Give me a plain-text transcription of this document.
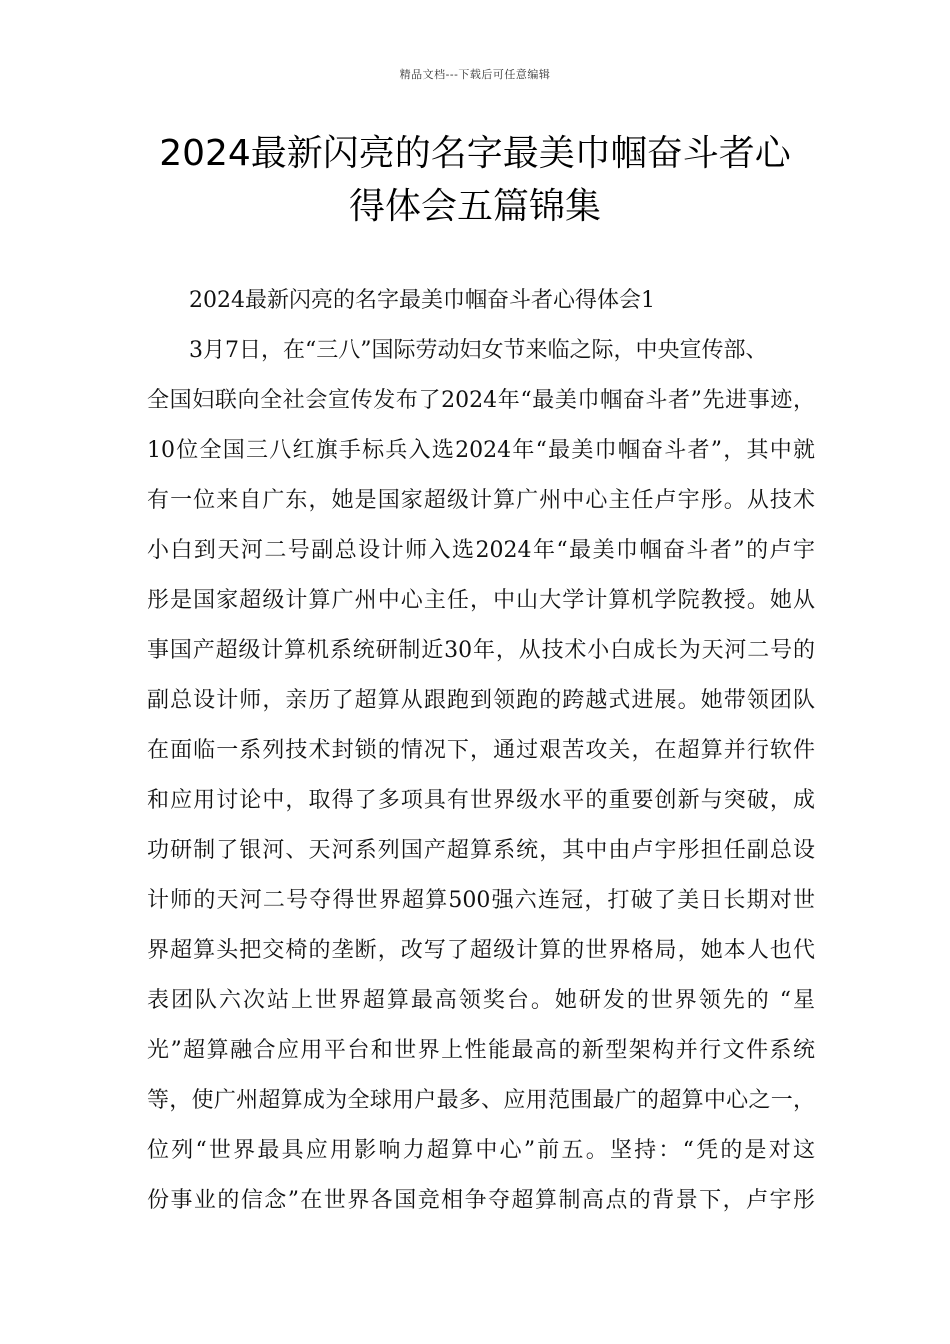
精品文档---下载后可任意编辑
2024最新闪亮的名字最美巾帼奋斗者心
得体会五篇锦集
2024最新闪亮的名字最美巾帼奋斗者心得体会1
3月7日，在“三八”国际劳动妇女节来临之际，中央宣传部、
全国妇联向全社会宣传发布了2024年“最美巾帼奋斗者”先进事迹，
10位全国三八红旗手标兵入选2024年“最美巾帼奋斗者”，其中就
有一位来自广东，她是国家超级计算广州中心主任卢宇彤。从技术
小白到天河二号副总设计师入选2024年“最美巾帼奋斗者”的卢宇
彤是国家超级计算广州中心主任，中山大学计算机学院教授。她从
事国产超级计算机系统研制近30年，从技术小白成长为天河二号的
副总设计师，亲历了超算从跟跑到领跑的跨越式进展。她带领团队
在面临一系列技术封锁的情况下，通过艰苦攻关，在超算并行软件
和应用讨论中，取得了多项具有世界级水平的重要创新与突破，成
功研制了银河、天河系列国产超算系统，其中由卢宇彤担任副总设
计师的天河二号夺得世界超算500强六连冠，打破了美日长期对世
界超算头把交椅的垄断，改写了超级计算的世界格局，她本人也代
表团队六次站上世界超算最高领奖台。她研发的世界领先的 “星
光”超算融合应用平台和世界上性能最高的新型架构并行文件系统
等，使广州超算成为全球用户最多、应用范围最广的超算中心之一，
位列“世界最具应用影响力超算中心”前五。坚持：“凭的是对这
份事业的信念”在世界各国竞相争夺超算制高点的背景下，卢宇彤
